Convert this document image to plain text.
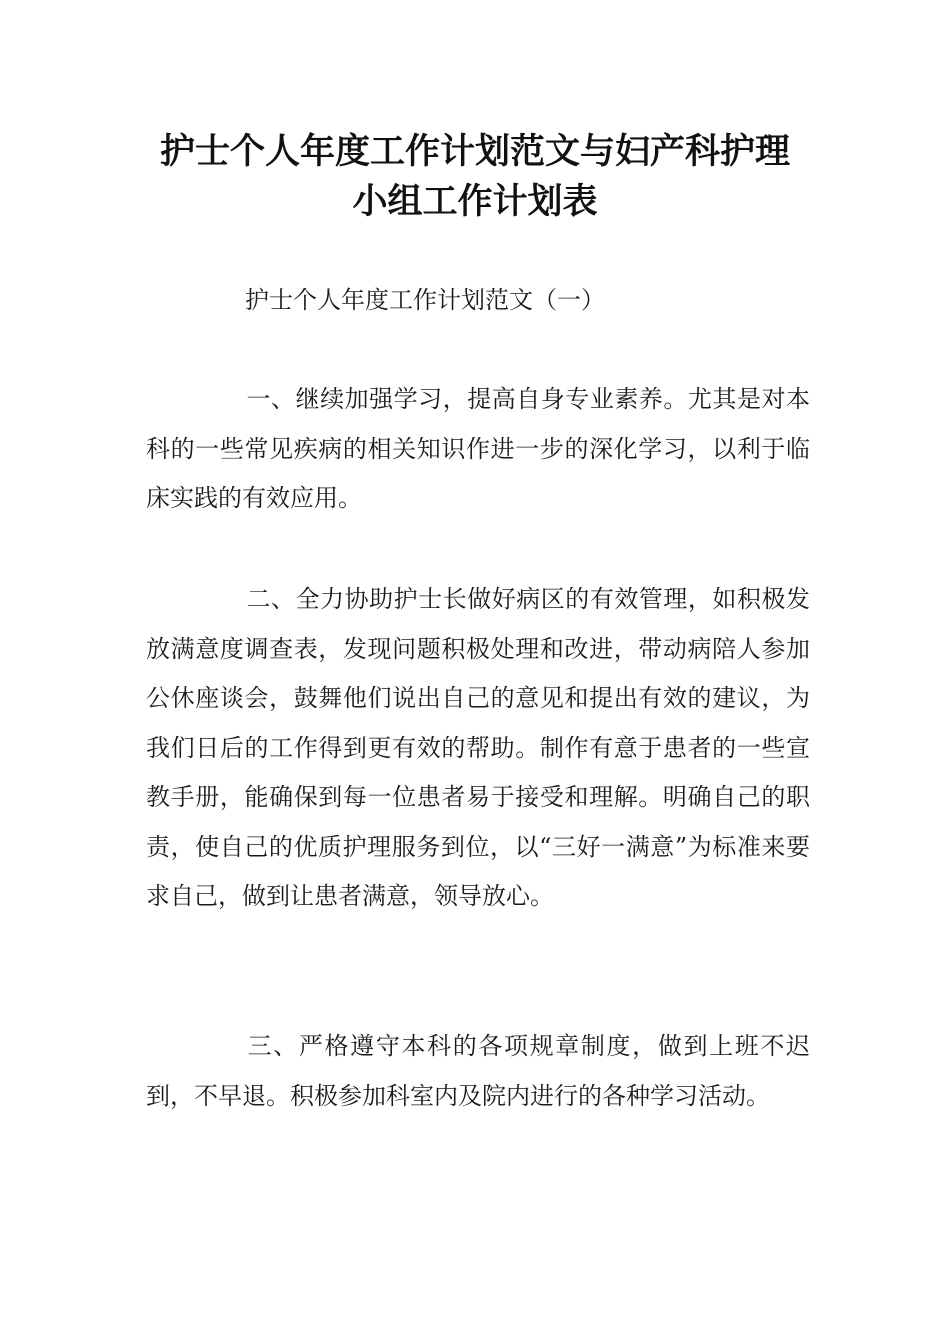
护士个人年度工作计划范文与妇产科护理
小组工作计划表

护士个人年度工作计划范文（一）

一、继续加强学习，提高自身专业素养。尤其是对本科的一些常见疾病的相关知识作进一步的深化学习，以利于临床实践的有效应用。

二、全力协助护士长做好病区的有效管理，如积极发放满意度调查表，发现问题积极处理和改进，带动病陪人参加公休座谈会，鼓舞他们说出自己的意见和提出有效的建议，为我们日后的工作得到更有效的帮助。制作有意于患者的一些宣教手册，能确保到每一位患者易于接受和理解。明确自己的职责，使自己的优质护理服务到位，以“三好一满意”为标准来要求自己，做到让患者满意，领导放心。

三、严格遵守本科的各项规章制度，做到上班不迟到，不早退。积极参加科室内及院内进行的各种学习活动。
